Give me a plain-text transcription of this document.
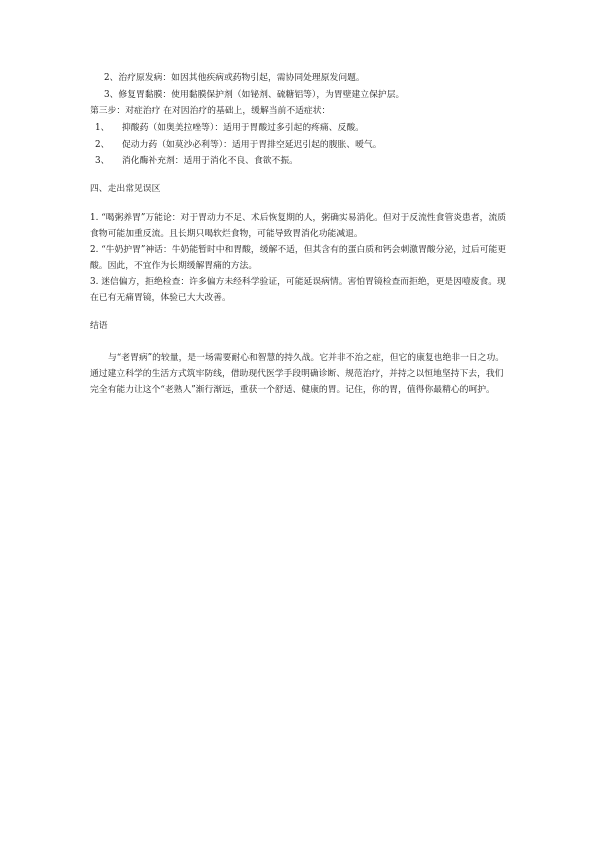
2、治疗原发病：如因其他疾病或药物引起，需协同处理原发问题。
3、修复胃黏膜：使用黏膜保护剂（如铋剂、硫糖铝等），为胃壁建立保护层。
第三步：对症治疗 在对因治疗的基础上，缓解当前不适症状：
1、 抑酸药（如奥美拉唑等）：适用于胃酸过多引起的疼痛、反酸。
2、 促动力药（如莫沙必利等）：适用于胃排空延迟引起的腹胀、嗳气。
3、 消化酶补充剂：适用于消化不良、食欲不振。
四、走出常见误区

1. “喝粥养胃”万能论：对于胃动力不足、术后恢复期的人，粥确实易消化。但对于反流性食管炎患者，流质食物可能加重反流。且长期只喝软烂食物，可能导致胃消化功能减退。

2. “牛奶护胃”神话：牛奶能暂时中和胃酸，缓解不适，但其含有的蛋白质和钙会刺激胃酸分泌，过后可能更酸。因此，不宜作为长期缓解胃痛的方法。

3. 迷信偏方，拒绝检查：许多偏方未经科学验证，可能延误病情。害怕胃镜检查而拒绝，更是因噎废食。现在已有无痛胃镜，体验已大大改善。

结语
与“老胃病”的较量，是一场需要耐心和智慧的持久战。它并非不治之症，但它的康复也绝非一日之功。通过建立科学的生活方式筑牢防线，借助现代医学手段明确诊断、规范治疗，并持之以恒地坚持下去，我们完全有能力让这个“老熟人”渐行渐远，重获一个舒适、健康的胃。记住，你的胃，值得你最精心的呵护。
